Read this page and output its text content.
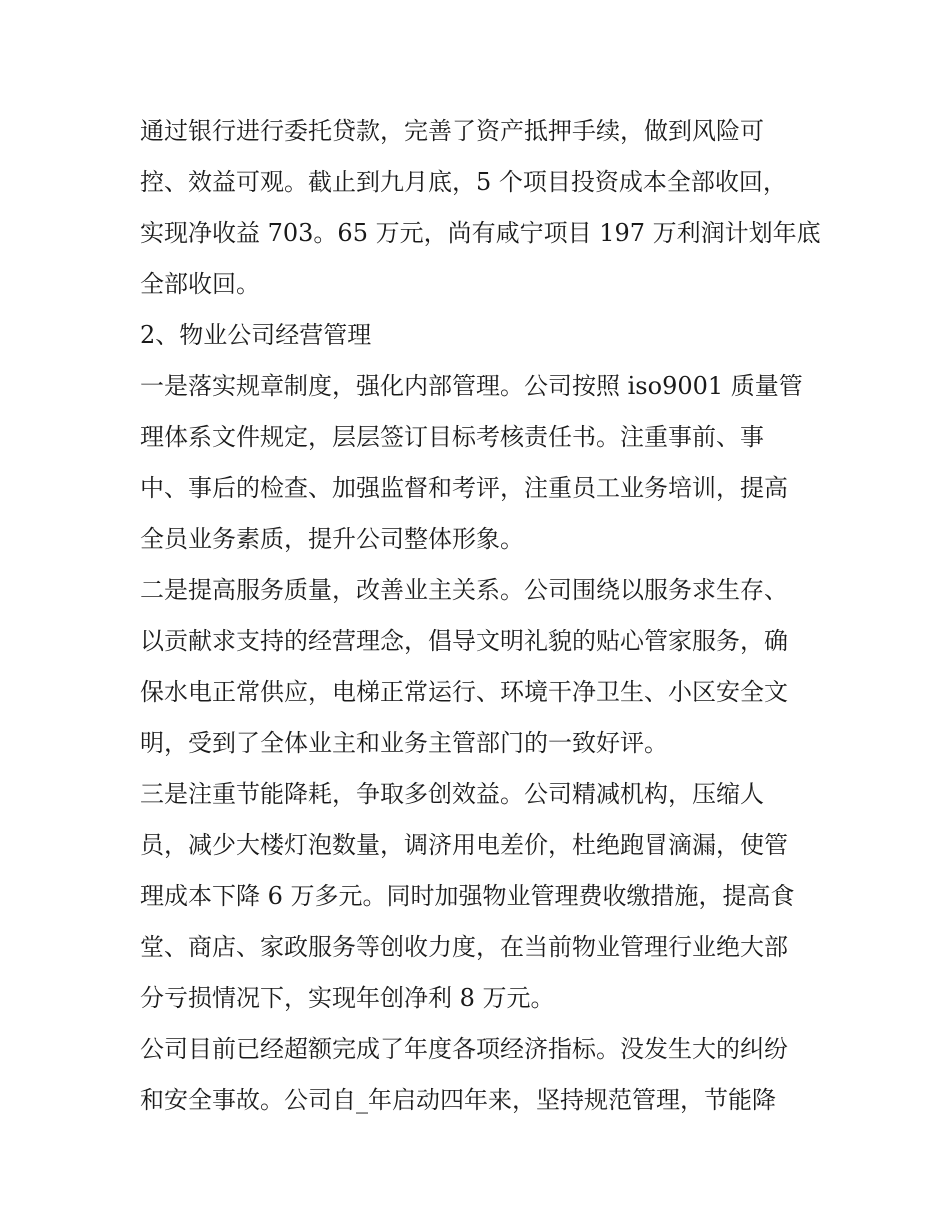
通过银行进行委托贷款，完善了资产抵押手续，做到风险可
控、效益可观。截止到九月底，5 个项目投资成本全部收回，
实现净收益 703。65 万元，尚有咸宁项目 197 万利润计划年底
全部收回。
2、物业公司经营管理
一是落实规章制度，强化内部管理。公司按照 iso9001 质量管
理体系文件规定，层层签订目标考核责任书。注重事前、事
中、事后的检查、加强监督和考评，注重员工业务培训，提高
全员业务素质，提升公司整体形象。
二是提高服务质量，改善业主关系。公司围绕以服务求生存、
以贡献求支持的经营理念，倡导文明礼貌的贴心管家服务，确
保水电正常供应，电梯正常运行、环境干净卫生、小区安全文
明，受到了全体业主和业务主管部门的一致好评。
三是注重节能降耗，争取多创效益。公司精减机构，压缩人
员，减少大楼灯泡数量，调济用电差价，杜绝跑冒滴漏，使管
理成本下降 6 万多元。同时加强物业管理费收缴措施，提高食
堂、商店、家政服务等创收力度，在当前物业管理行业绝大部
分亏损情况下，实现年创净利 8 万元。
公司目前已经超额完成了年度各项经济指标。没发生大的纠纷
和安全事故。公司自_年启动四年来，坚持规范管理，节能降
